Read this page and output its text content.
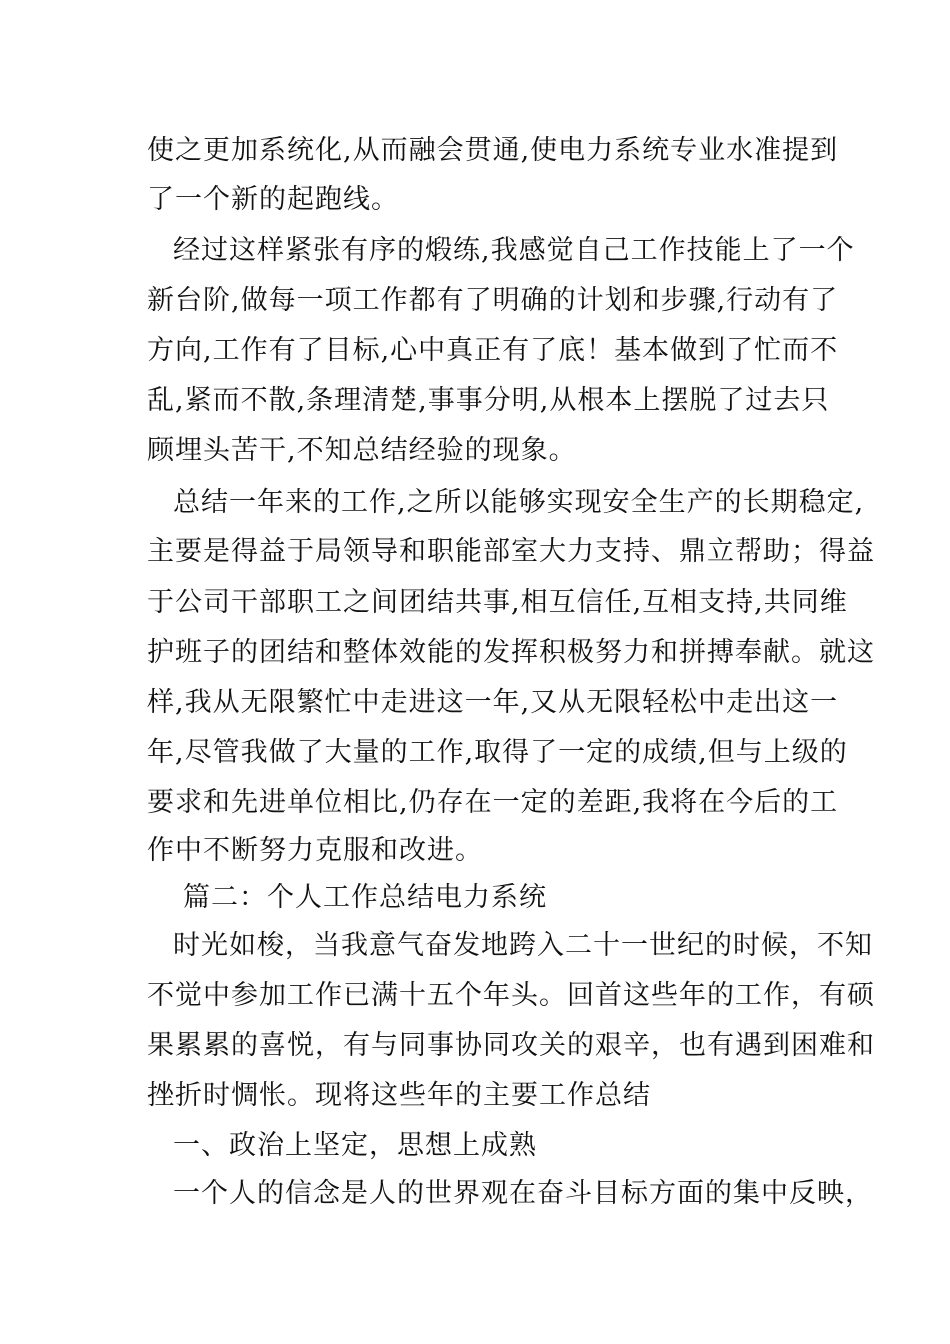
使之更加系统化,从而融会贯通,使电力系统专业水准提到
了一个新的起跑线。
经过这样紧张有序的煅练,我感觉自己工作技能上了一个
新台阶,做每一项工作都有了明确的计划和步骤,行动有了
方向,工作有了目标,心中真正有了底！基本做到了忙而不
乱,紧而不散,条理清楚,事事分明,从根本上摆脱了过去只
顾埋头苦干,不知总结经验的现象。
总结一年来的工作,之所以能够实现安全生产的长期稳定,
主要是得益于局领导和职能部室大力支持、鼎立帮助；得益
于公司干部职工之间团结共事,相互信任,互相支持,共同维
护班子的团结和整体效能的发挥积极努力和拼搏奉献。就这
样,我从无限繁忙中走进这一年,又从无限轻松中走出这一
年,尽管我做了大量的工作,取得了一定的成绩,但与上级的
要求和先进单位相比,仍存在一定的差距,我将在今后的工
作中不断努力克服和改进。
篇二：个人工作总结电力系统
时光如梭，当我意气奋发地跨入二十一世纪的时候，不知
不觉中参加工作已满十五个年头。回首这些年的工作，有硕
果累累的喜悦，有与同事协同攻关的艰辛，也有遇到困难和
挫折时惆怅。现将这些年的主要工作总结
一、政治上坚定，思想上成熟
一个人的信念是人的世界观在奋斗目标方面的集中反映，
